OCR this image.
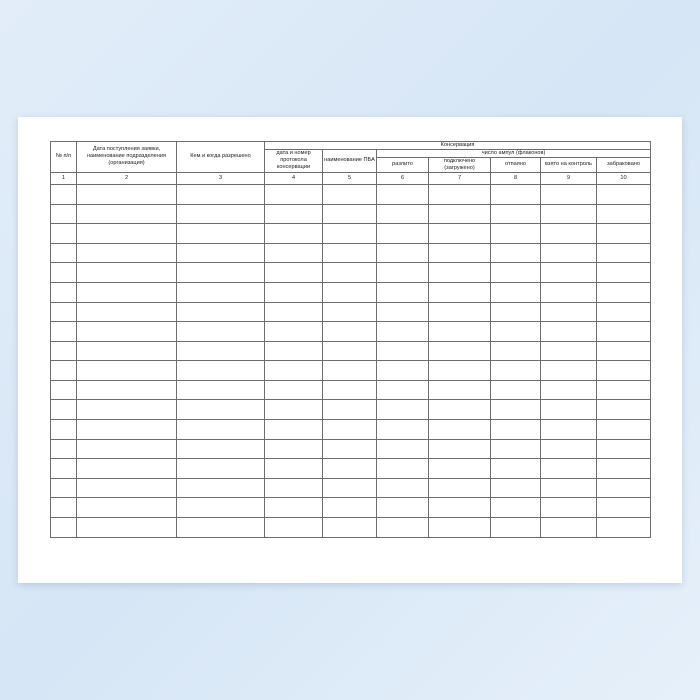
№ п/п	Дата поступления заявки, наименование подразделения (организация)	Кем и когда разрешено	Консервация						
			дата и номер протокола консервации	наименование ПБА	число ампул (флаконов)				
					разлито	подключено (загружено)	отпаяно	взято на контроль	забраковано
1	2	3	4	5	6	7	8	9	10
